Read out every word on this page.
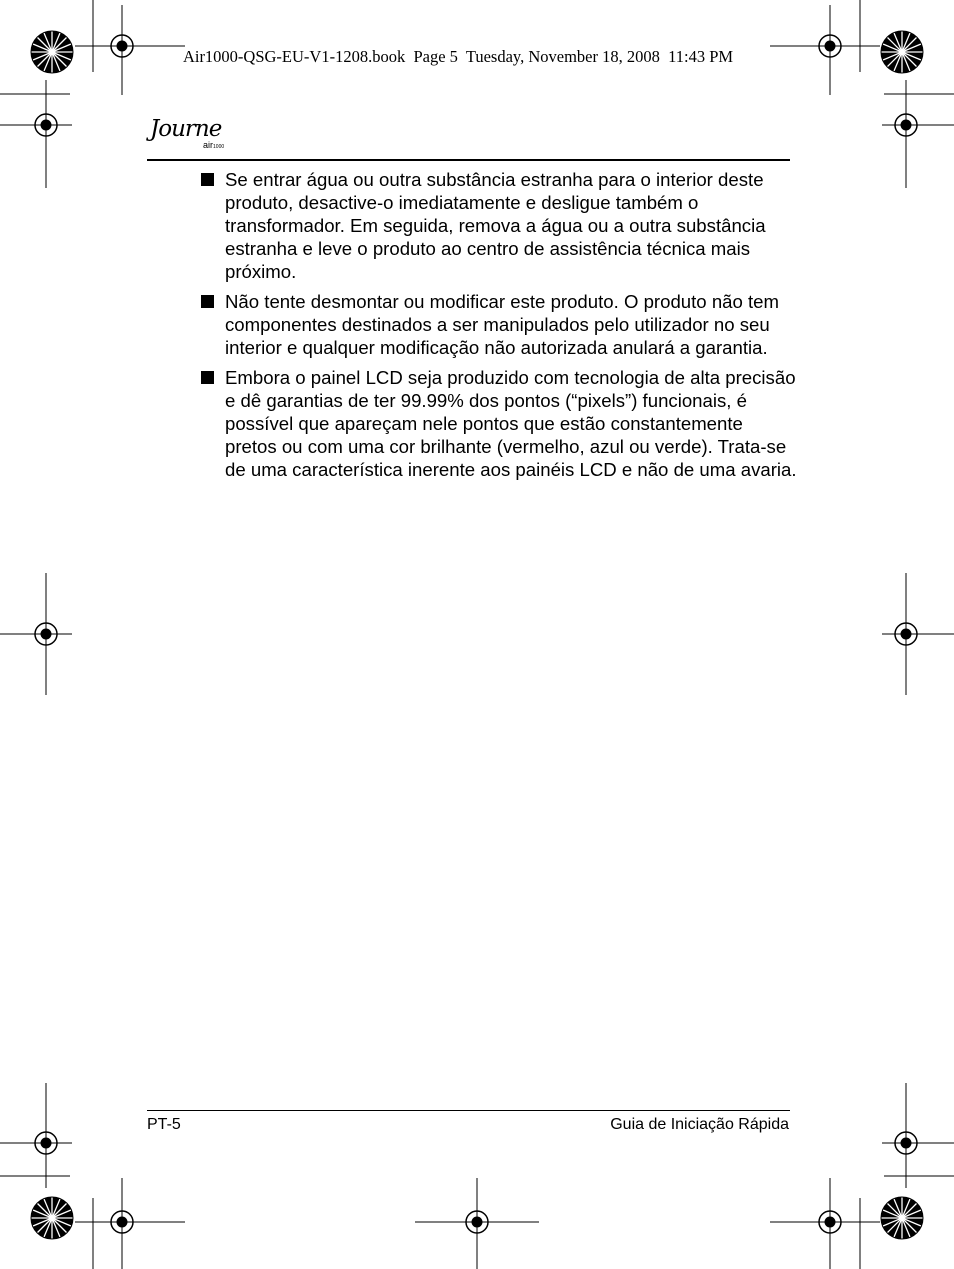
Air1000-QSG-EU-V1-1208.book  Page 5  Tuesday, November 18, 2008  11:43 PM
Journe
air1000
Se entrar água ou outra substância estranha para o interior deste produto, desactive-o imediatamente e desligue também o transformador. Em seguida, remova a água ou a outra substância estranha e leve o produto ao centro de assistência técnica mais próximo.
Não tente desmontar ou modificar este produto. O produto não tem componentes destinados a ser manipulados pelo utilizador no seu interior e qualquer modificação não autorizada anulará a garantia.
Embora o painel LCD seja produzido com tecnologia de alta precisão e dê garantias de ter 99.99% dos pontos (“pixels”) funcionais, é possível que apareçam nele pontos que estão constantemente pretos ou com uma cor brilhante (vermelho, azul ou verde). Trata-se de uma característica inerente aos painéis LCD e não de uma avaria.
PT-5	Guia de Iniciação Rápida
